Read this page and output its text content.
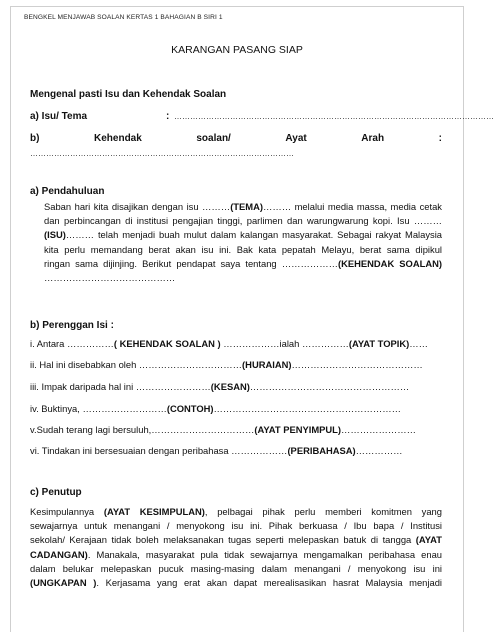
BENGKEL MENJAWAB SOALAN KERTAS 1 BAHAGIAN B SIRI 1
KARANGAN PASANG SIAP
Mengenal pasti Isu dan Kehendak Soalan
a) Isu/ Tema	: …………………………………………………………………………………………………………
b)	Kehendak	soalan/	Ayat	Arah	:
………………………………………………………………………………………
a) Pendahuluan
Saban hari kita disajikan dengan isu ………(TEMA)……… melalui media massa, media cetak
dan perbincangan di institusi pengajian tinggi, parlimen dan warungwarung kopi. Isu ………
(ISU)……… telah menjadi buah mulut dalam kalangan masyarakat. Sebagai rakyat Malaysia
kita perlu memandang berat akan isu ini. Bak kata pepatah Melayu, berat sama dipikul
ringan sama dijinjing. Berikut pendapat saya tentang ………………(KEHENDAK SOALAN)
……………………………………
b) Perenggan Isi :
i. Antara ……………( KEHENDAK SOALAN ) ………………ialah ……………(AYAT TOPIK)……
ii. Hal ini disebabkan oleh ……………………………(HURAIAN)……………………………………
iii. Impak daripada hal ini ……………………(KESAN)……………………………………………
iv. Buktinya, ………………………(CONTOH)……………………………………………………
v.Sudah terang lagi bersuluh,……………………………(AYAT PENYIMPUL)……………………
vi. Tindakan ini bersesuaian dengan peribahasa ………………(PERIBAHASA)……………
c) Penutup
Kesimpulannya (AYAT KESIMPULAN), pelbagai pihak perlu memberi komitmen yang
sewajarnya untuk menangani / menyokong isu ini. Pihak berkuasa / Ibu bapa / Institusi
sekolah/ Kerajaan tidak boleh melaksanakan tugas seperti melepaskan batuk di tangga (AYAT
CADANGAN). Manakala, masyarakat pula tidak sewajarnya mengamalkan peribahasa enau
dalam belukar melepaskan pucuk masing-masing dalam menangani / menyokong isu ini
(UNGKAPAN ). Kerjasama yang erat akan dapat merealisasikan hasrat Malaysia menjadi
